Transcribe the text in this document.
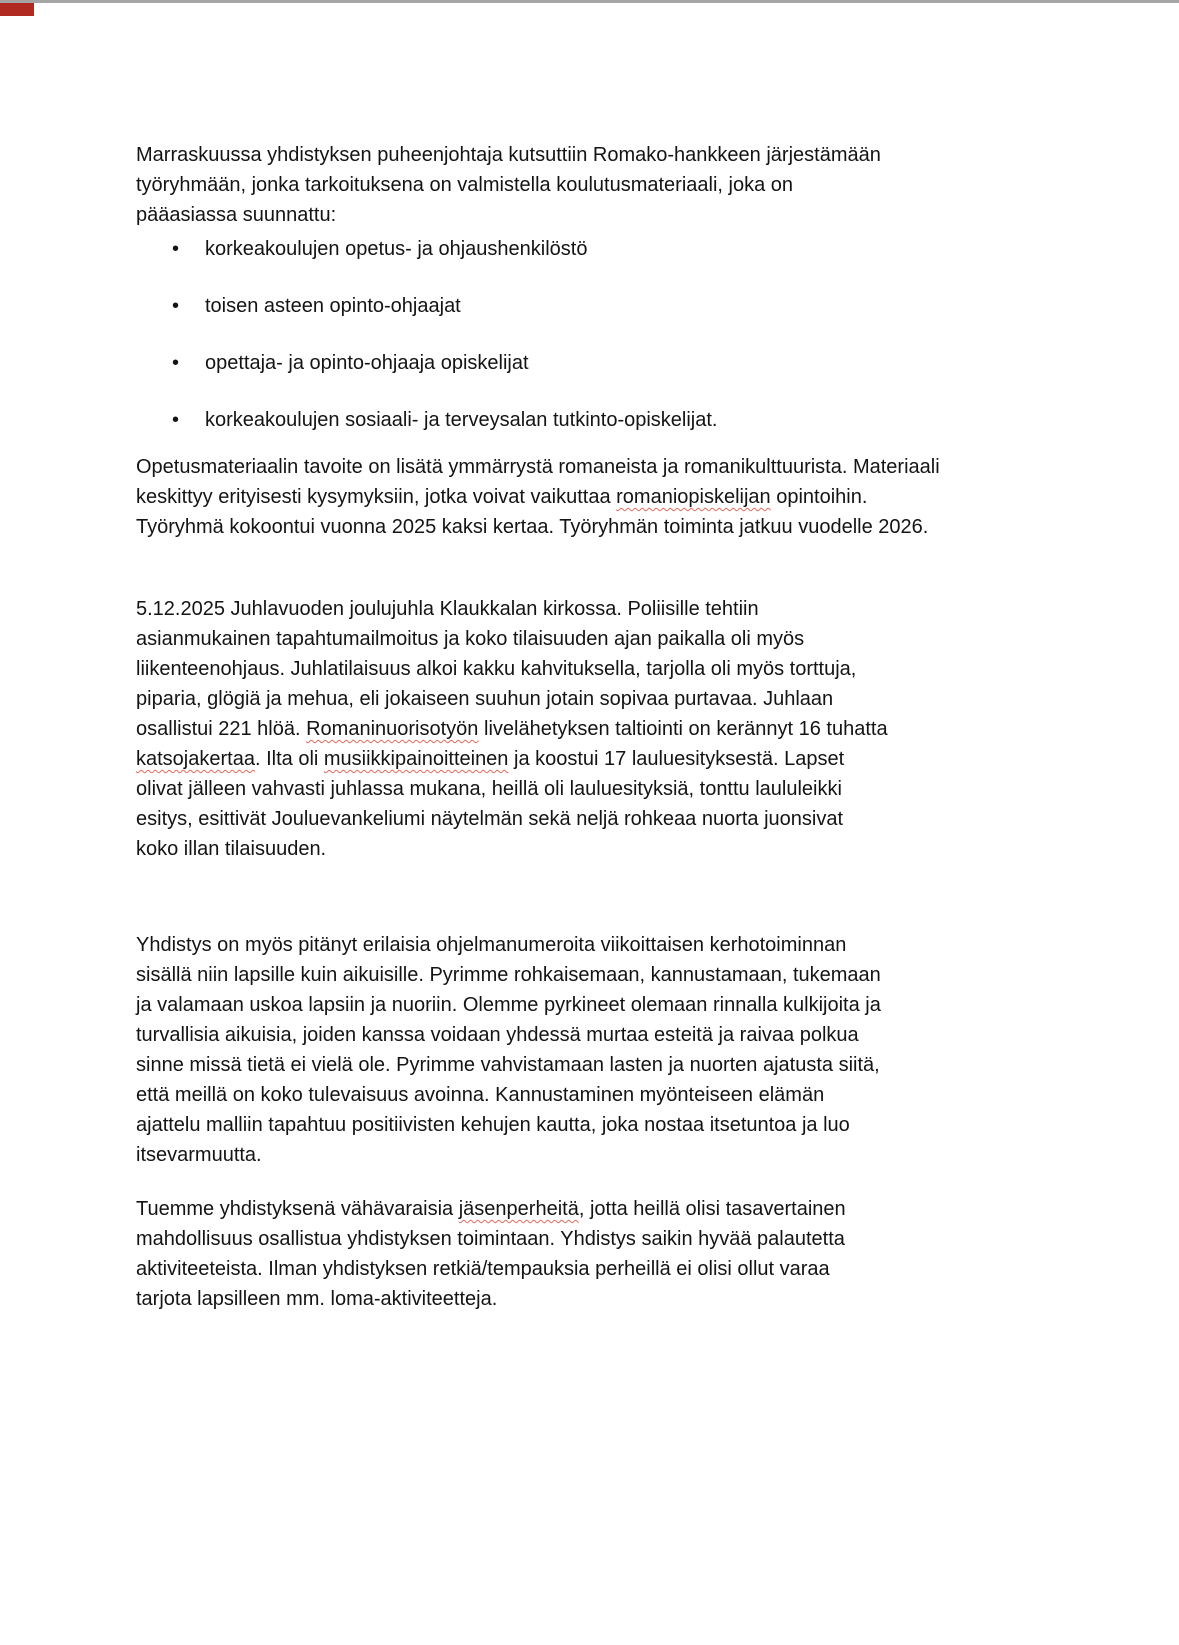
Marraskuussa yhdistyksen puheenjohtaja kutsuttiin Romako-hankkeen järjestämään
työryhmään, jonka tarkoituksena on valmistella koulutusmateriaali, joka on
pääasiassa suunnattu:
•	korkeakoulujen opetus- ja ohjaushenkilöstö
•	toisen asteen opinto-ohjaajat
•	opettaja- ja opinto-ohjaaja opiskelijat
•	korkeakoulujen sosiaali- ja terveysalan tutkinto-opiskelijat.
Opetusmateriaalin tavoite on lisätä ymmärrystä romaneista ja romanikulttuurista. Materiaali
keskittyy erityisesti kysymyksiin, jotka voivat vaikuttaa romaniopiskelijan opintoihin.
Työryhmä kokoontui vuonna 2025 kaksi kertaa. Työryhmän toiminta jatkuu vuodelle 2026.
5.12.2025 Juhlavuoden joulujuhla Klaukkalan kirkossa. Poliisille tehtiin
asianmukainen tapahtumailmoitus ja koko tilaisuuden ajan paikalla oli myös
liikenteenohjaus. Juhlatilaisuus alkoi kakku kahvituksella, tarjolla oli myös torttuja,
piparia, glögiä ja mehua, eli jokaiseen suuhun jotain sopivaa purtavaa. Juhlaan
osallistui 221 hlöä. Romaninuorisotyön livelähetyksen taltiointi on kerännyt 16 tuhatta
katsojakertaa. Ilta oli musiikkipainoitteinen ja koostui 17 lauluesityksestä. Lapset
olivat jälleen vahvasti juhlassa mukana, heillä oli lauluesityksiä, tonttu laululeikki
esitys, esittivät Jouluevankeliumi näytelmän sekä neljä rohkeaa nuorta juonsivat
koko illan tilaisuuden.
Yhdistys on myös pitänyt erilaisia ohjelmanumeroita viikoittaisen kerhotoiminnan
sisällä niin lapsille kuin aikuisille. Pyrimme rohkaisemaan, kannustamaan, tukemaan
ja valamaan uskoa lapsiin ja nuoriin. Olemme pyrkineet olemaan rinnalla kulkijoita ja
turvallisia aikuisia, joiden kanssa voidaan yhdessä murtaa esteitä ja raivaa polkua
sinne missä tietä ei vielä ole. Pyrimme vahvistamaan lasten ja nuorten ajatusta siitä,
että meillä on koko tulevaisuus avoinna. Kannustaminen myönteiseen elämän
ajattelu malliin tapahtuu positiivisten kehujen kautta, joka nostaa itsetuntoa ja luo
itsevarmuutta.
Tuemme yhdistyksenä vähävaraisia jäsenperheitä, jotta heillä olisi tasavertainen
mahdollisuus osallistua yhdistyksen toimintaan. Yhdistys saikin hyvää palautetta
aktiviteeteista. Ilman yhdistyksen retkiä/tempauksia perheillä ei olisi ollut varaa
tarjota lapsilleen mm. loma-aktiviteetteja.
